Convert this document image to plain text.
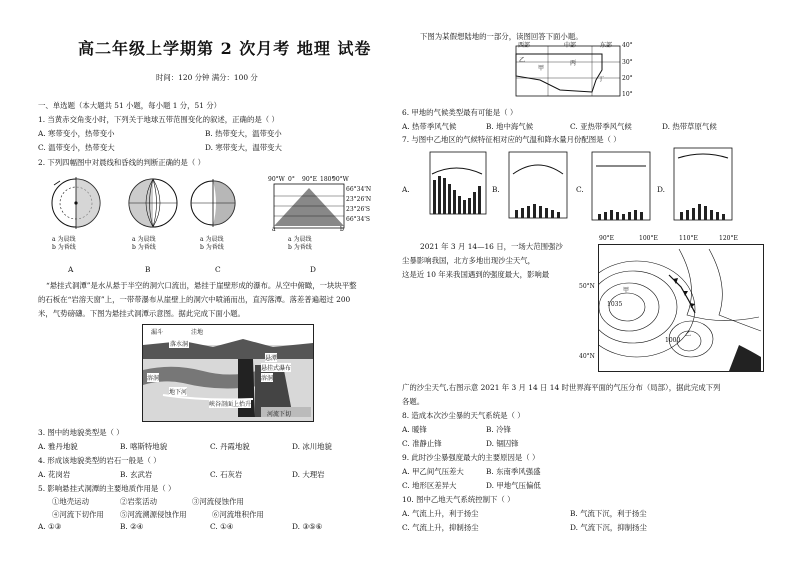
高二年级上学期第 2 次月考 地理 试卷
时间：120 分钟 满分：100 分
一、单选题（本大题共 51 小题，每小题 1 分，51 分）
1. 当黄赤交角变小时，下列关于地球五带范围变化的叙述，正确的是（ ）
A. 寒带变小，热带变小	B. 热带变大，温带变小
C. 温带变小，热带变大	D. 寒带变大，温带变大
2. 下列四幅图中对晨线和昏线的判断正确的是（ ）
90°W 0° 90°E 180°
90°W
66°34'N
23°26'N
23°26'S
66°34'S
a	b
a 为晨线
b 为昏线
a 为晨线
b 为昏线
a 为晨线
b 为昏线
a 为晨线
b 为昏线
A	B	C	D
“悬挂式洞潭”是水从悬于半空的洞穴口流出，悬挂于崖壁形成的瀑布。从空中俯瞰，一块块平整
的石板在“岩溶天窗”上，一带带瀑布从崖壁上的洞穴中喷涌而出，直泻落潭。落差普遍超过 200
米，气势磅礴。下图为悬挂式洞潭示意图。据此完成下面小题。
漏斗	洼地
落水洞
溶洞
地下河
悬潭
悬挂式瀑布
溶洞
峡谷剖面上抬升
河流下切
3. 图中的地貌类型是（ ）
A. 雅丹地貌	B. 喀斯特地貌	C. 丹霞地貌	D. 冰川地貌
4. 形成该地貌类型的岩石一般是（ ）
A. 花岗岩	B. 玄武岩	C. 石灰岩	D. 大理岩
5. 影响悬挂式洞潭的主要地质作用是（ ）
①地壳运动	②岩浆活动	③河流侵蚀作用
④河流下切作用 ⑤河流溯源侵蚀作用	⑥河流堆积作用
A. ①③	B. ②④	C. ①④	D. ③⑤⑥
下图为某假想陆地的一部分，读图回答下面小题。
西部	中部	东部
乙
甲
丙
丁
40°
30°
20°
10°
6. 甲地的气候类型最有可能是（ ）
A. 热带季风气候	B. 地中海气候	C. 亚热带季风气候	D. 热带草原气候
7. 与图中乙地区的气候特征相对应的气温和降水量月份配图是（ ）
A.	B.	C.	D.
2021 年 3 月 14—16 日，一场大范围强沙
尘暴影响我国，北方多地出现沙尘天气，
这是近 10 年来我国遇到的强度最大，影响最
90°E	100°E	110°E	120°E
50°N
40°N
1035
1000
甲
乙
广的沙尘天气,右图示意 2021 年 3 月 14 日 14 时世界海平面的气压分布（局部），据此完成下列
各题。
8. 造成本次沙尘暴的天气系统是（ ）
A. 暖锋	B. 冷锋
C. 准静止锋	D. 锢囚锋
9. 此时沙尘暴强度最大的主要原因是（ ）
A. 甲乙间气压差大	B. 东南季风强盛
C. 地形区差异大	D. 甲地气压偏低
10. 图中乙地天气系统控制下（ ）
A. 气流上升，利于扬尘	B. 气流下沉，利于扬尘
C. 气流上升，抑制扬尘	D. 气流下沉，抑制扬尘
